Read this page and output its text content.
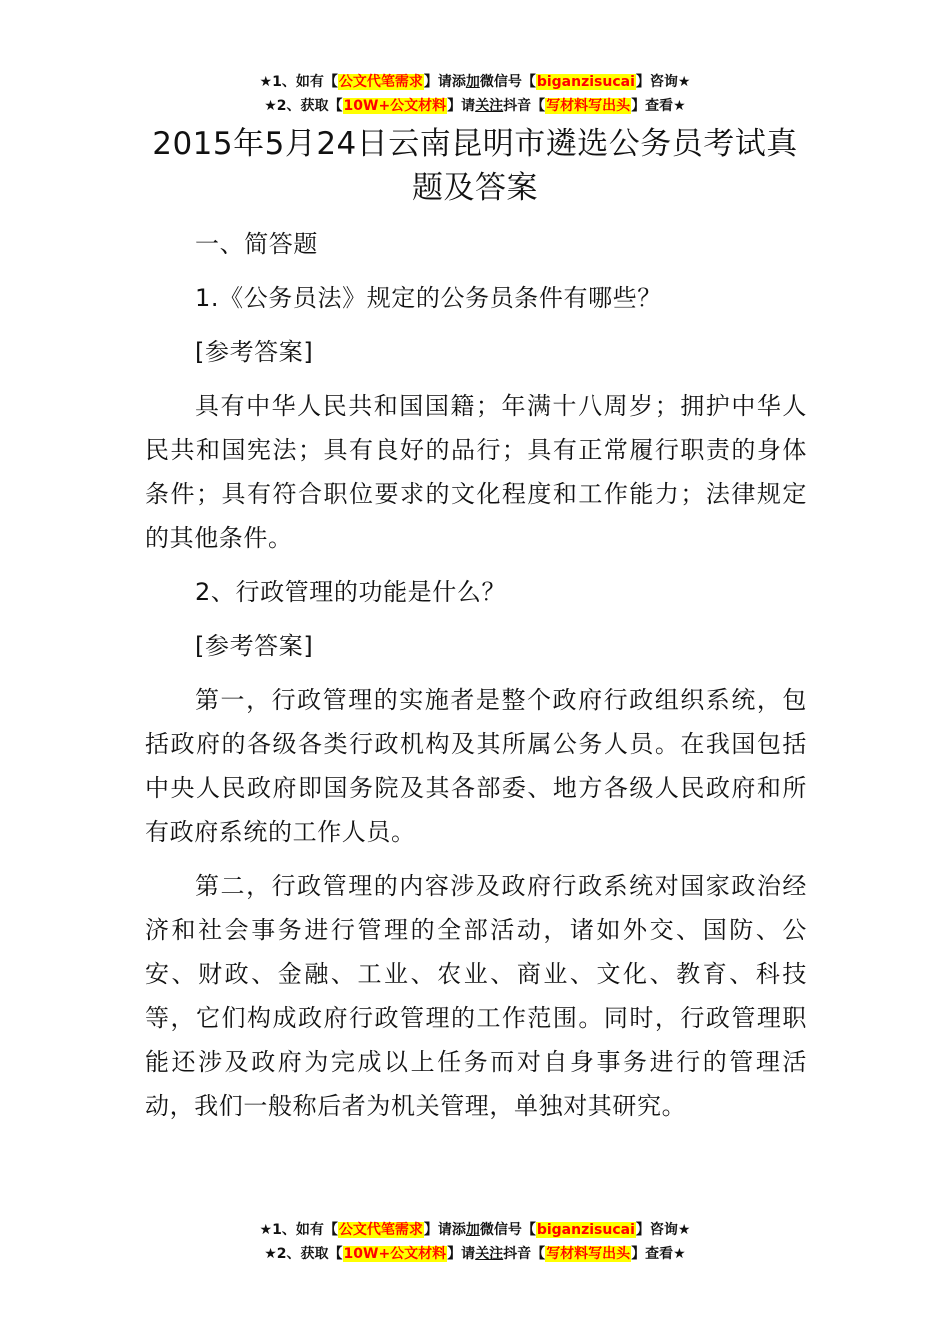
★1、如有【公文代笔需求】请添加微信号【biganzisucai】咨询★
★2、获取【10W+公文材料】请关注抖音【写材料写出头】查看★
2015年5月24日云南昆明市遴选公务员考试真题及答案

一、简答题

1.《公务员法》规定的公务员条件有哪些？

[参考答案]

具有中华人民共和国国籍；年满十八周岁；拥护中华人民共和国宪法；具有良好的品行；具有正常履行职责的身体条件；具有符合职位要求的文化程度和工作能力；法律规定的其他条件。

2、行政管理的功能是什么？

[参考答案]

第一，行政管理的实施者是整个政府行政组织系统，包括政府的各级各类行政机构及其所属公务人员。在我国包括中央人民政府即国务院及其各部委、地方各级人民政府和所有政府系统的工作人员。

第二，行政管理的内容涉及政府行政系统对国家政治经济和社会事务进行管理的全部活动，诸如外交、国防、公安、财政、金融、工业、农业、商业、文化、教育、科技等，它们构成政府行政管理的工作范围。同时，行政管理职能还涉及政府为完成以上任务而对自身事务进行的管理活动，我们一般称后者为机关管理，单独对其研究。

★1、如有【公文代笔需求】请添加微信号【biganzisucai】咨询★
★2、获取【10W+公文材料】请关注抖音【写材料写出头】查看★
